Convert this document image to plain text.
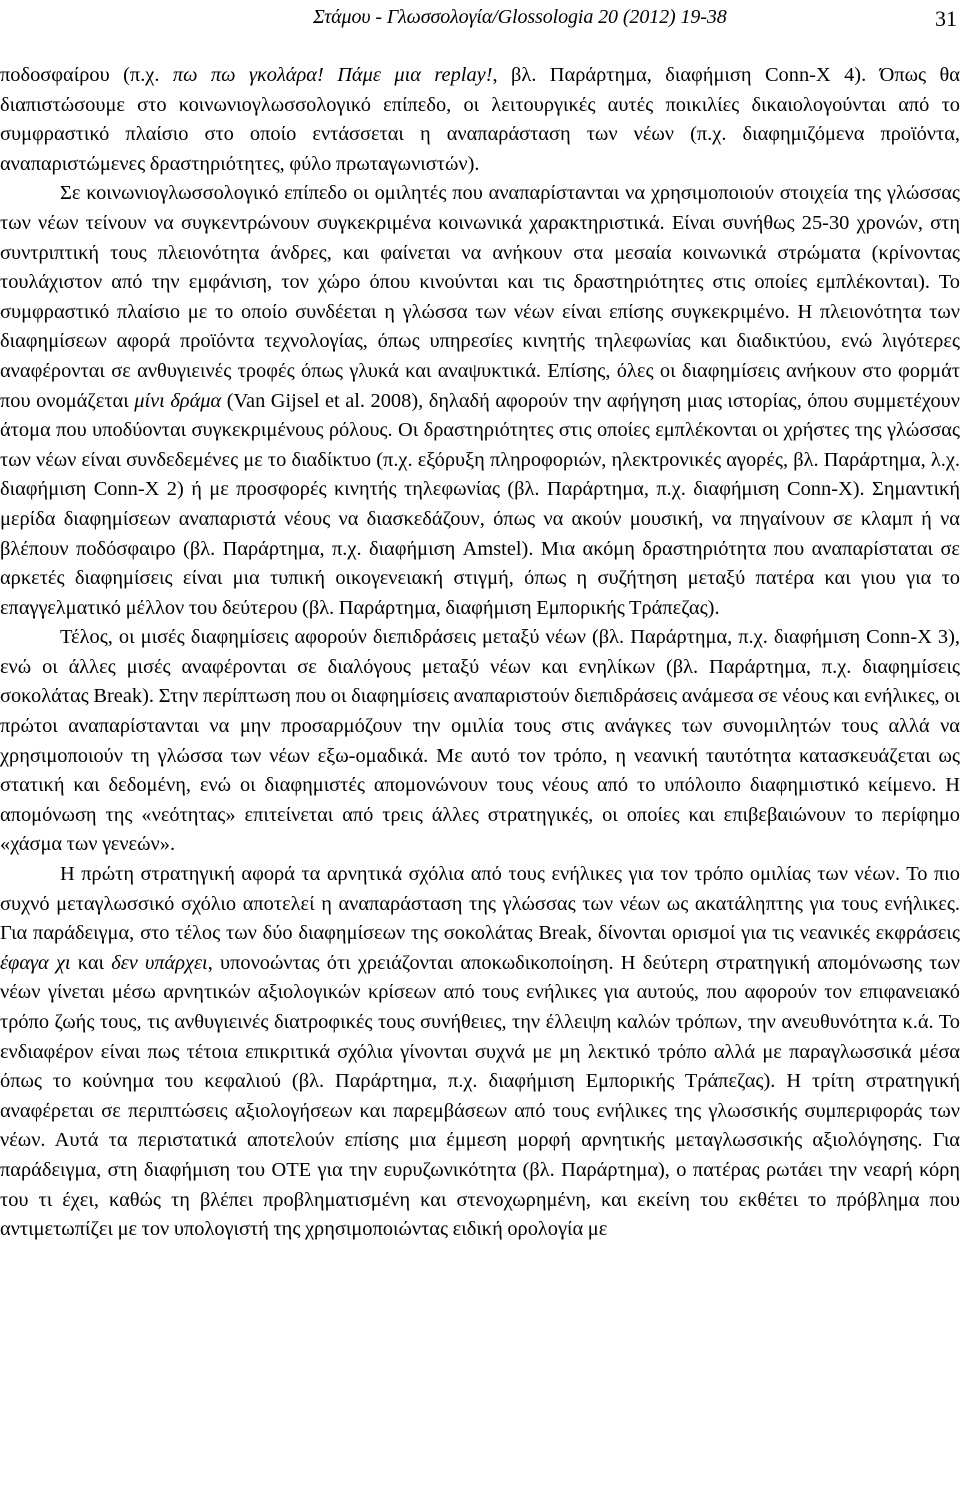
Στάμου - Γλωσσολογία/Glossologia 20 (2012) 19-38	31

ποδοσφαίρου (π.χ. πω πω γκολάρα! Πάμε μια replay!, βλ. Παράρτημα, διαφήμιση Conn-X 4). Όπως θα διαπιστώσουμε στο κοινωνιογλωσσολογικό επίπεδο, οι λειτουργικές αυτές ποικιλίες δικαιολογούνται από το συμφραστικό πλαίσιο στο οποίο εντάσσεται η αναπαράσταση των νέων (π.χ. διαφημιζόμενα προϊόντα, αναπαριστώμενες δραστηριότητες, φύλο πρωταγωνιστών).

Σε κοινωνιογλωσσολογικό επίπεδο οι ομιλητές που αναπαρίστανται να χρησιμοποιούν στοιχεία της γλώσσας των νέων τείνουν να συγκεντρώνουν συγκεκριμένα κοινωνικά χαρακτηριστικά. Είναι συνήθως 25-30 χρονών, στη συντριπτική τους πλειονότητα άνδρες, και φαίνεται να ανήκουν στα μεσαία κοινωνικά στρώματα (κρίνοντας τουλάχιστον από την εμφάνιση, τον χώρο όπου κινούνται και τις δραστηριότητες στις οποίες εμπλέκονται). Το συμφραστικό πλαίσιο με το οποίο συνδέεται η γλώσσα των νέων είναι επίσης συγκεκριμένο. Η πλειονότητα των διαφημίσεων αφορά προϊόντα τεχνολογίας, όπως υπηρεσίες κινητής τηλεφωνίας και διαδικτύου, ενώ λιγότερες αναφέρονται σε ανθυγιεινές τροφές όπως γλυκά και αναψυκτικά. Επίσης, όλες οι διαφημίσεις ανήκουν στο φορμάτ που ονομάζεται μίνι δράμα (Van Gijsel et al. 2008), δηλαδή αφορούν την αφήγηση μιας ιστορίας, όπου συμμετέχουν άτομα που υποδύονται συγκεκριμένους ρόλους. Οι δραστηριότητες στις οποίες εμπλέκονται οι χρήστες της γλώσσας των νέων είναι συνδεδεμένες με το διαδίκτυο (π.χ. εξόρυξη πληροφοριών, ηλεκτρονικές αγορές, βλ. Παράρτημα, λ.χ. διαφήμιση Conn-X 2) ή με προσφορές κινητής τηλεφωνίας (βλ. Παράρτημα, π.χ. διαφήμιση Conn-X). Σημαντική μερίδα διαφημίσεων αναπαριστά νέους να διασκεδάζουν, όπως να ακούν μουσική, να πηγαίνουν σε κλαμπ ή να βλέπουν ποδόσφαιρο (βλ. Παράρτημα, π.χ. διαφήμιση Amstel). Μια ακόμη δραστηριότητα που αναπαρίσταται σε αρκετές διαφημίσεις είναι μια τυπική οικογενειακή στιγμή, όπως η συζήτηση μεταξύ πατέρα και γιου για το επαγγελματικό μέλλον του δεύτερου (βλ. Παράρτημα, διαφήμιση Εμπορικής Τράπεζας).

Τέλος, οι μισές διαφημίσεις αφορούν διεπιδράσεις μεταξύ νέων (βλ. Παράρτημα, π.χ. διαφήμιση Conn-X 3), ενώ οι άλλες μισές αναφέρονται σε διαλόγους μεταξύ νέων και ενηλίκων (βλ. Παράρτημα, π.χ. διαφημίσεις σοκολάτας Break). Στην περίπτωση που οι διαφημίσεις αναπαριστούν διεπιδράσεις ανάμεσα σε νέους και ενήλικες, οι πρώτοι αναπαρίστανται να μην προσαρμόζουν την ομιλία τους στις ανάγκες των συνομιλητών τους αλλά να χρησιμοποιούν τη γλώσσα των νέων εξω-ομαδικά. Με αυτό τον τρόπο, η νεανική ταυτότητα κατασκευάζεται ως στατική και δεδομένη, ενώ οι διαφημιστές απομονώνουν τους νέους από το υπόλοιπο διαφημιστικό κείμενο. Η απομόνωση της «νεότητας» επιτείνεται από τρεις άλλες στρατηγικές, οι οποίες και επιβεβαιώνουν το περίφημο «χάσμα των γενεών».

Η πρώτη στρατηγική αφορά τα αρνητικά σχόλια από τους ενήλικες για τον τρόπο ομιλίας των νέων. Το πιο συχνό μεταγλωσσικό σχόλιο αποτελεί η αναπαράσταση της γλώσσας των νέων ως ακατάληπτης για τους ενήλικες. Για παράδειγμα, στο τέλος των δύο διαφημίσεων της σοκολάτας Break, δίνονται ορισμοί για τις νεανικές εκφράσεις έφαγα χι και δεν υπάρχει, υπονοώντας ότι χρειάζονται αποκωδικοποίηση. Η δεύτερη στρατηγική απομόνωσης των νέων γίνεται μέσω αρνητικών αξιολογικών κρίσεων από τους ενήλικες για αυτούς, που αφορούν τον επιφανειακό τρόπο ζωής τους, τις ανθυγιεινές διατροφικές τους συνήθειες, την έλλειψη καλών τρόπων, την ανευθυνότητα κ.ά. Το ενδιαφέρον είναι πως τέτοια επικριτικά σχόλια γίνονται συχνά με μη λεκτικό τρόπο αλλά με παραγλωσσικά μέσα όπως το κούνημα του κεφαλιού (βλ. Παράρτημα, π.χ. διαφήμιση Εμπορικής Τράπεζας). Η τρίτη στρατηγική αναφέρεται σε περιπτώσεις αξιολογήσεων και παρεμβάσεων από τους ενήλικες της γλωσσικής συμπεριφοράς των νέων. Αυτά τα περιστατικά αποτελούν επίσης μια έμμεση μορφή αρνητικής μεταγλωσσικής αξιολόγησης. Για παράδειγμα, στη διαφήμιση του ΟΤΕ για την ευρυζωνικότητα (βλ. Παράρτημα), ο πατέρας ρωτάει την νεαρή κόρη του τι έχει, καθώς τη βλέπει προβληματισμένη και στενοχωρημένη, και εκείνη του εκθέτει το πρόβλημα που αντιμετωπίζει με τον υπολογιστή της χρησιμοποιώντας ειδική ορολογία με
